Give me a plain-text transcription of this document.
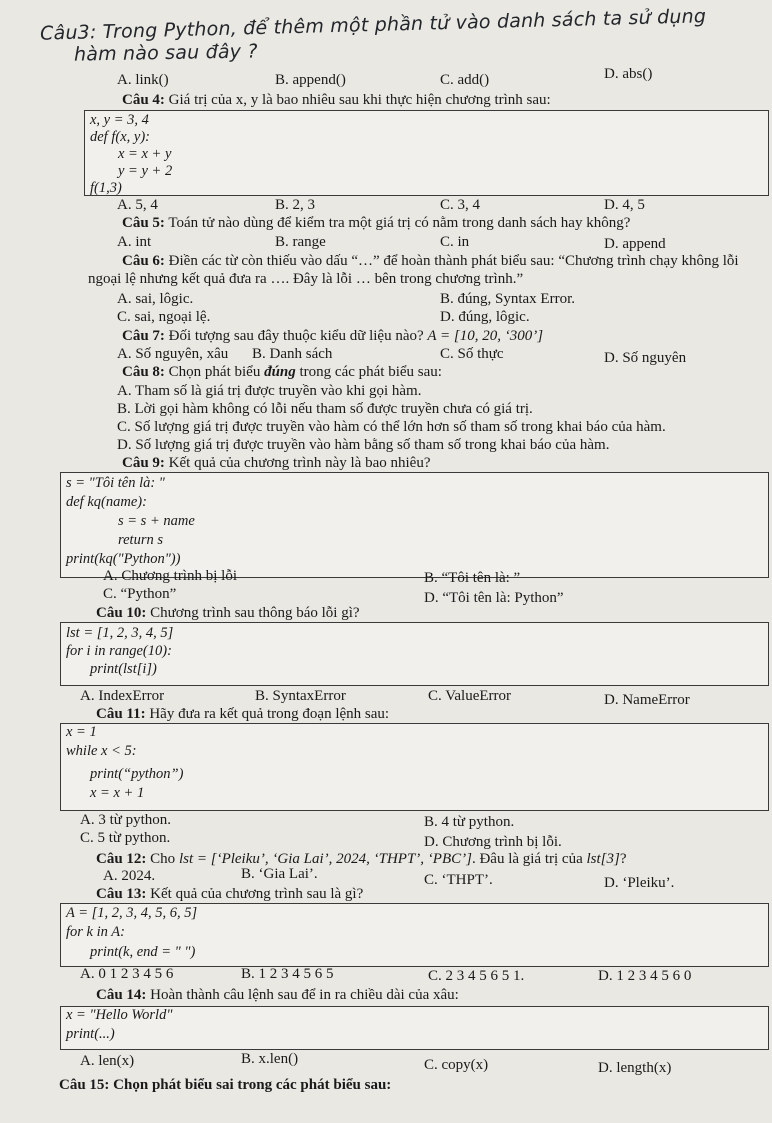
Câu3: Trong Python, để thêm một phần tử vào danh sách ta sử dụng
hàm nào sau đây ?
A. link()	B. append()	C. add()	D. abs()
Câu 4: Giá trị của x, y là bao nhiêu sau khi thực hiện chương trình sau:
x, y = 3, 4
def f(x, y):
x = x + y
y = y + 2
f(1,3)
A. 5, 4	B. 2, 3	C. 3, 4	D. 4, 5
Câu 5: Toán tử nào dùng để kiểm tra một giá trị có nằm trong danh sách hay không?
A. int	B. range	C. in	D. append
Câu 6: Điền các từ còn thiếu vào dấu “…” để hoàn thành phát biểu sau: “Chương trình chạy không lỗi
ngoại lệ nhưng kết quả đưa ra …. Đây là lỗi … bên trong chương trình.”
A. sai, lôgic.	B. đúng, Syntax Error.
C. sai, ngoại lệ.	D. đúng, lôgic.
Câu 7: Đối tượng sau đây thuộc kiểu dữ liệu nào? A = [10, 20, ‘300’]
A. Số nguyên, xâu B. Danh sách	C. Số thực	D. Số nguyên
Câu 8: Chọn phát biểu đúng trong các phát biểu sau:
A. Tham số là giá trị được truyền vào khi gọi hàm.
B. Lời gọi hàm không có lỗi nếu tham số được truyền chưa có giá trị.
C. Số lượng giá trị được truyền vào hàm có thể lớn hơn số tham số trong khai báo của hàm.
D. Số lượng giá trị được truyền vào hàm bằng số tham số trong khai báo của hàm.
Câu 9: Kết quả của chương trình này là bao nhiêu?
s = "Tôi tên là: "
def kq(name):
s = s + name
return s
print(kq("Python"))
A. Chương trình bị lỗi	B. “Tôi tên là: ”
C. “Python”	D. “Tôi tên là: Python”
Câu 10: Chương trình sau thông báo lỗi gì?
lst = [1, 2, 3, 4, 5]
for i in range(10):
print(lst[i])
A. IndexError	B. SyntaxError	C. ValueError	D. NameError
Câu 11: Hãy đưa ra kết quả trong đoạn lệnh sau:
x = 1
while x < 5:
print(“python”)
x = x + 1
A. 3 từ python.	B. 4 từ python.
C. 5 từ python.	D. Chương trình bị lỗi.
Câu 12: Cho lst = [‘Pleiku’, ‘Gia Lai’, 2024, ‘THPT’, ‘PBC’]. Đâu là giá trị của lst[3]?
A. 2024.	B. ‘Gia Lai’.	C. ‘THPT’.	D. ‘Pleiku’.
Câu 13: Kết quả của chương trình sau là gì?
A = [1, 2, 3, 4, 5, 6, 5]
for k in A:
print(k, end = " ")
A. 0 1 2 3 4 5 6	B. 1 2 3 4 5 6 5	C. 2 3 4 5 6 5 1.	D. 1 2 3 4 5 6 0
Câu 14: Hoàn thành câu lệnh sau để in ra chiều dài của xâu:
x = "Hello World"
print(...)
A. len(x)	B. x.len()	C. copy(x)	D. length(x)
Câu 15: Chọn phát biểu sai trong các phát biểu sau:
